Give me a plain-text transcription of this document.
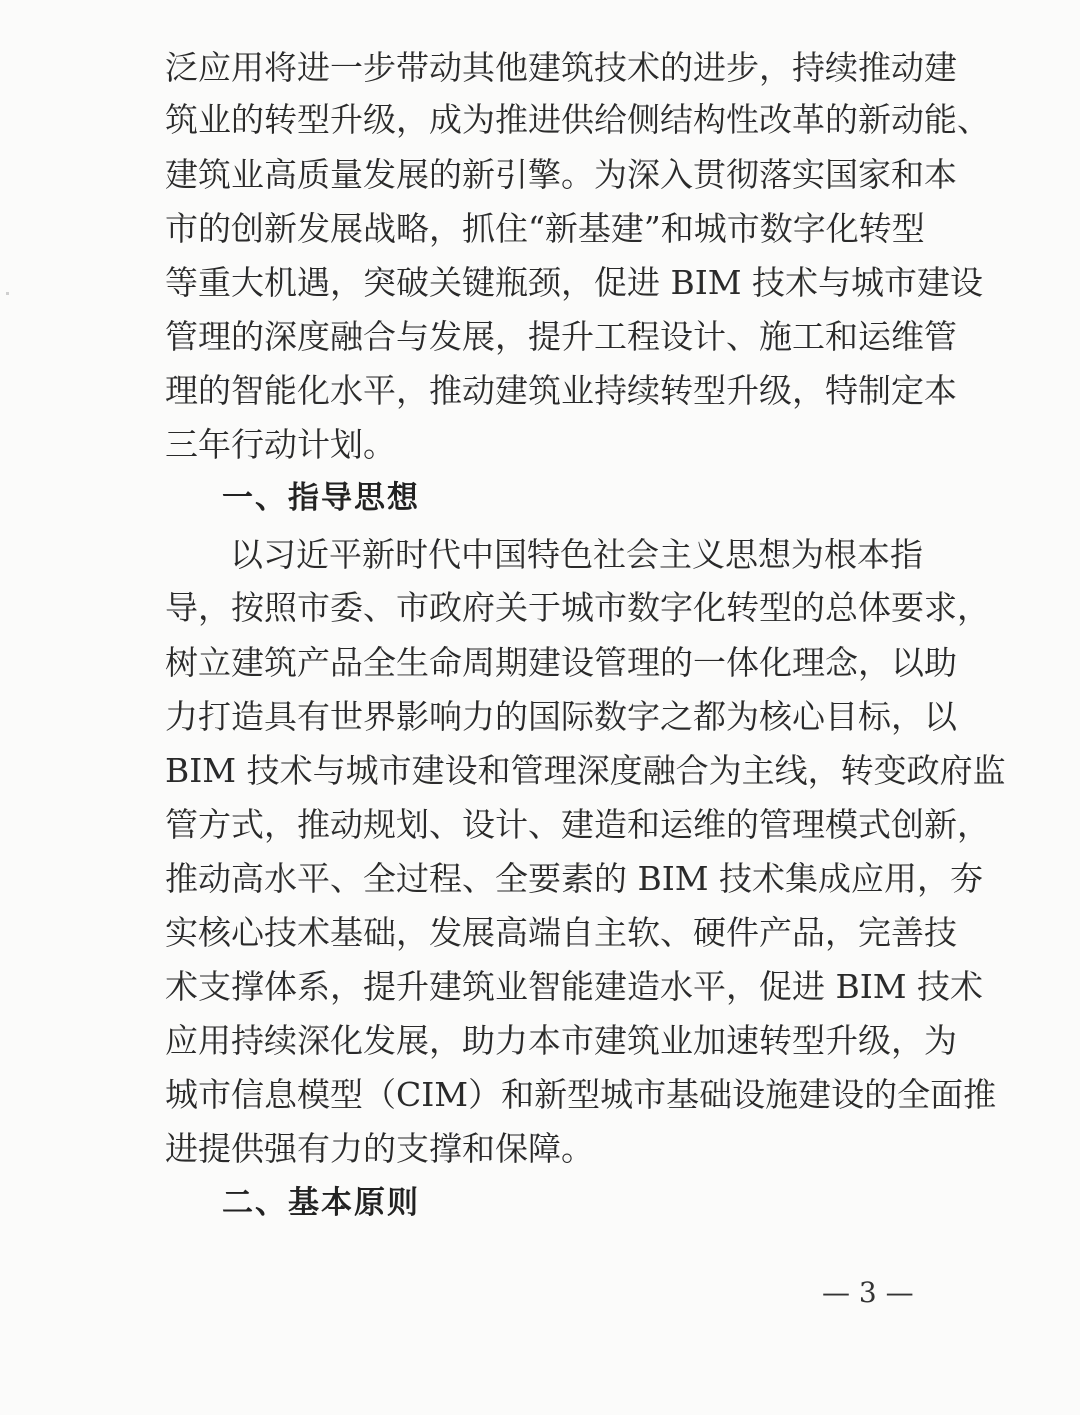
泛应用将进一步带动其他建筑技术的进步，持续推动建
筑业的转型升级，成为推进供给侧结构性改革的新动能、
建筑业高质量发展的新引擎。为深入贯彻落实国家和本
市的创新发展战略，抓住“新基建”和城市数字化转型
等重大机遇，突破关键瓶颈，促进 BIM 技术与城市建设
管理的深度融合与发展，提升工程设计、施工和运维管
理的智能化水平，推动建筑业持续转型升级，特制定本
三年行动计划。
一、指导思想
以习近平新时代中国特色社会主义思想为根本指
导，按照市委、市政府关于城市数字化转型的总体要求，
树立建筑产品全生命周期建设管理的一体化理念，以助
力打造具有世界影响力的国际数字之都为核心目标，以
BIM 技术与城市建设和管理深度融合为主线，转变政府监
管方式，推动规划、设计、建造和运维的管理模式创新，
推动高水平、全过程、全要素的 BIM 技术集成应用，夯
实核心技术基础，发展高端自主软、硬件产品，完善技
术支撑体系，提升建筑业智能建造水平，促进 BIM 技术
应用持续深化发展，助力本市建筑业加速转型升级，为
城市信息模型（CIM）和新型城市基础设施建设的全面推
进提供强有力的支撑和保障。
二、基本原则
— 3 —
